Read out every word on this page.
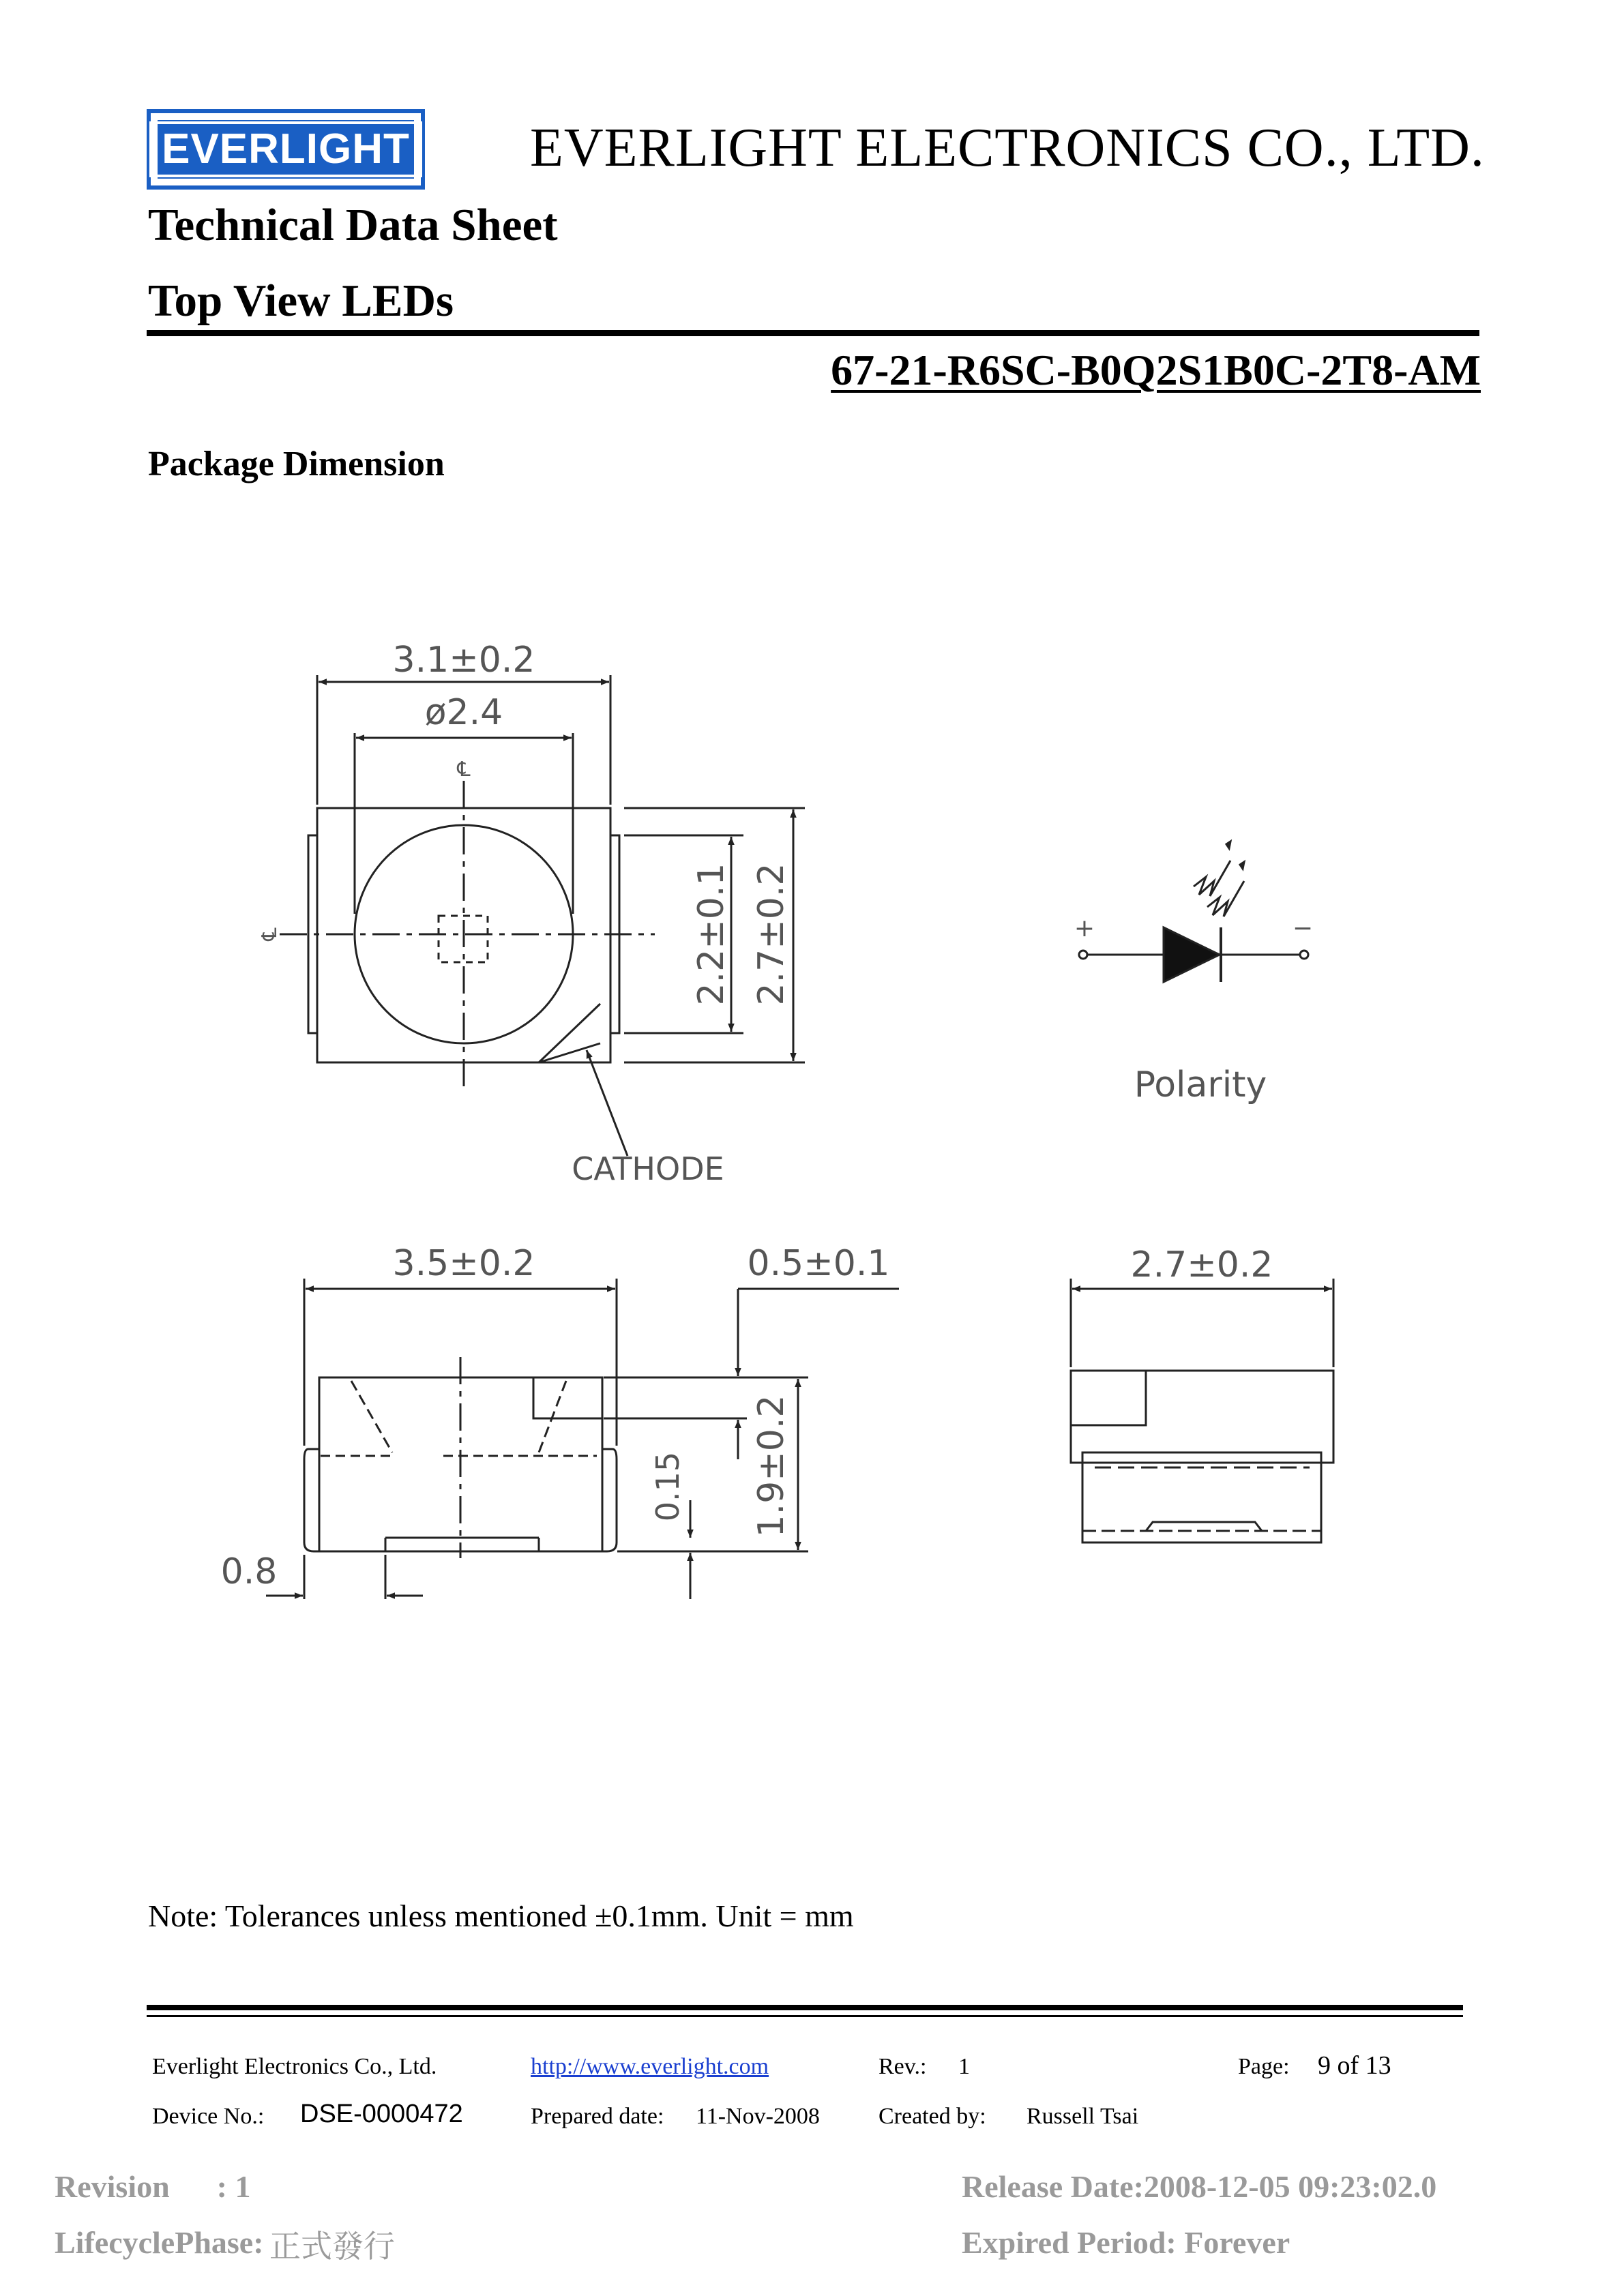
EVERLIGHT EVERLIGHT ELECTRONICS CO., LTD.
Technical Data Sheet
Top View LEDs
67-21-R6SC-B0Q2S1B0C-2T8-AM
Package Dimension
3.1±0.2
ø2.4
℄
℄	2.2±0.1 2.7±0.2
CATHODE
+	−
Polarity
3.5±0.2	0.5±0.1
0.15 1.9±0.2
0.8
2.7±0.2
Note: Tolerances unless mentioned ±0.1mm. Unit = mm
Everlight Electronics Co., Ltd.	http://www.everlight.com	Rev.: 1	Page: 9 of 13
Device No.: DSE-0000472	Prepared date: 11-Nov-2008	Created by: Russell Tsai
Revision      : 1
LifecyclePhase: 正式發行
Release Date:2008-12-05 09:23:02.0
Expired Period: Forever
